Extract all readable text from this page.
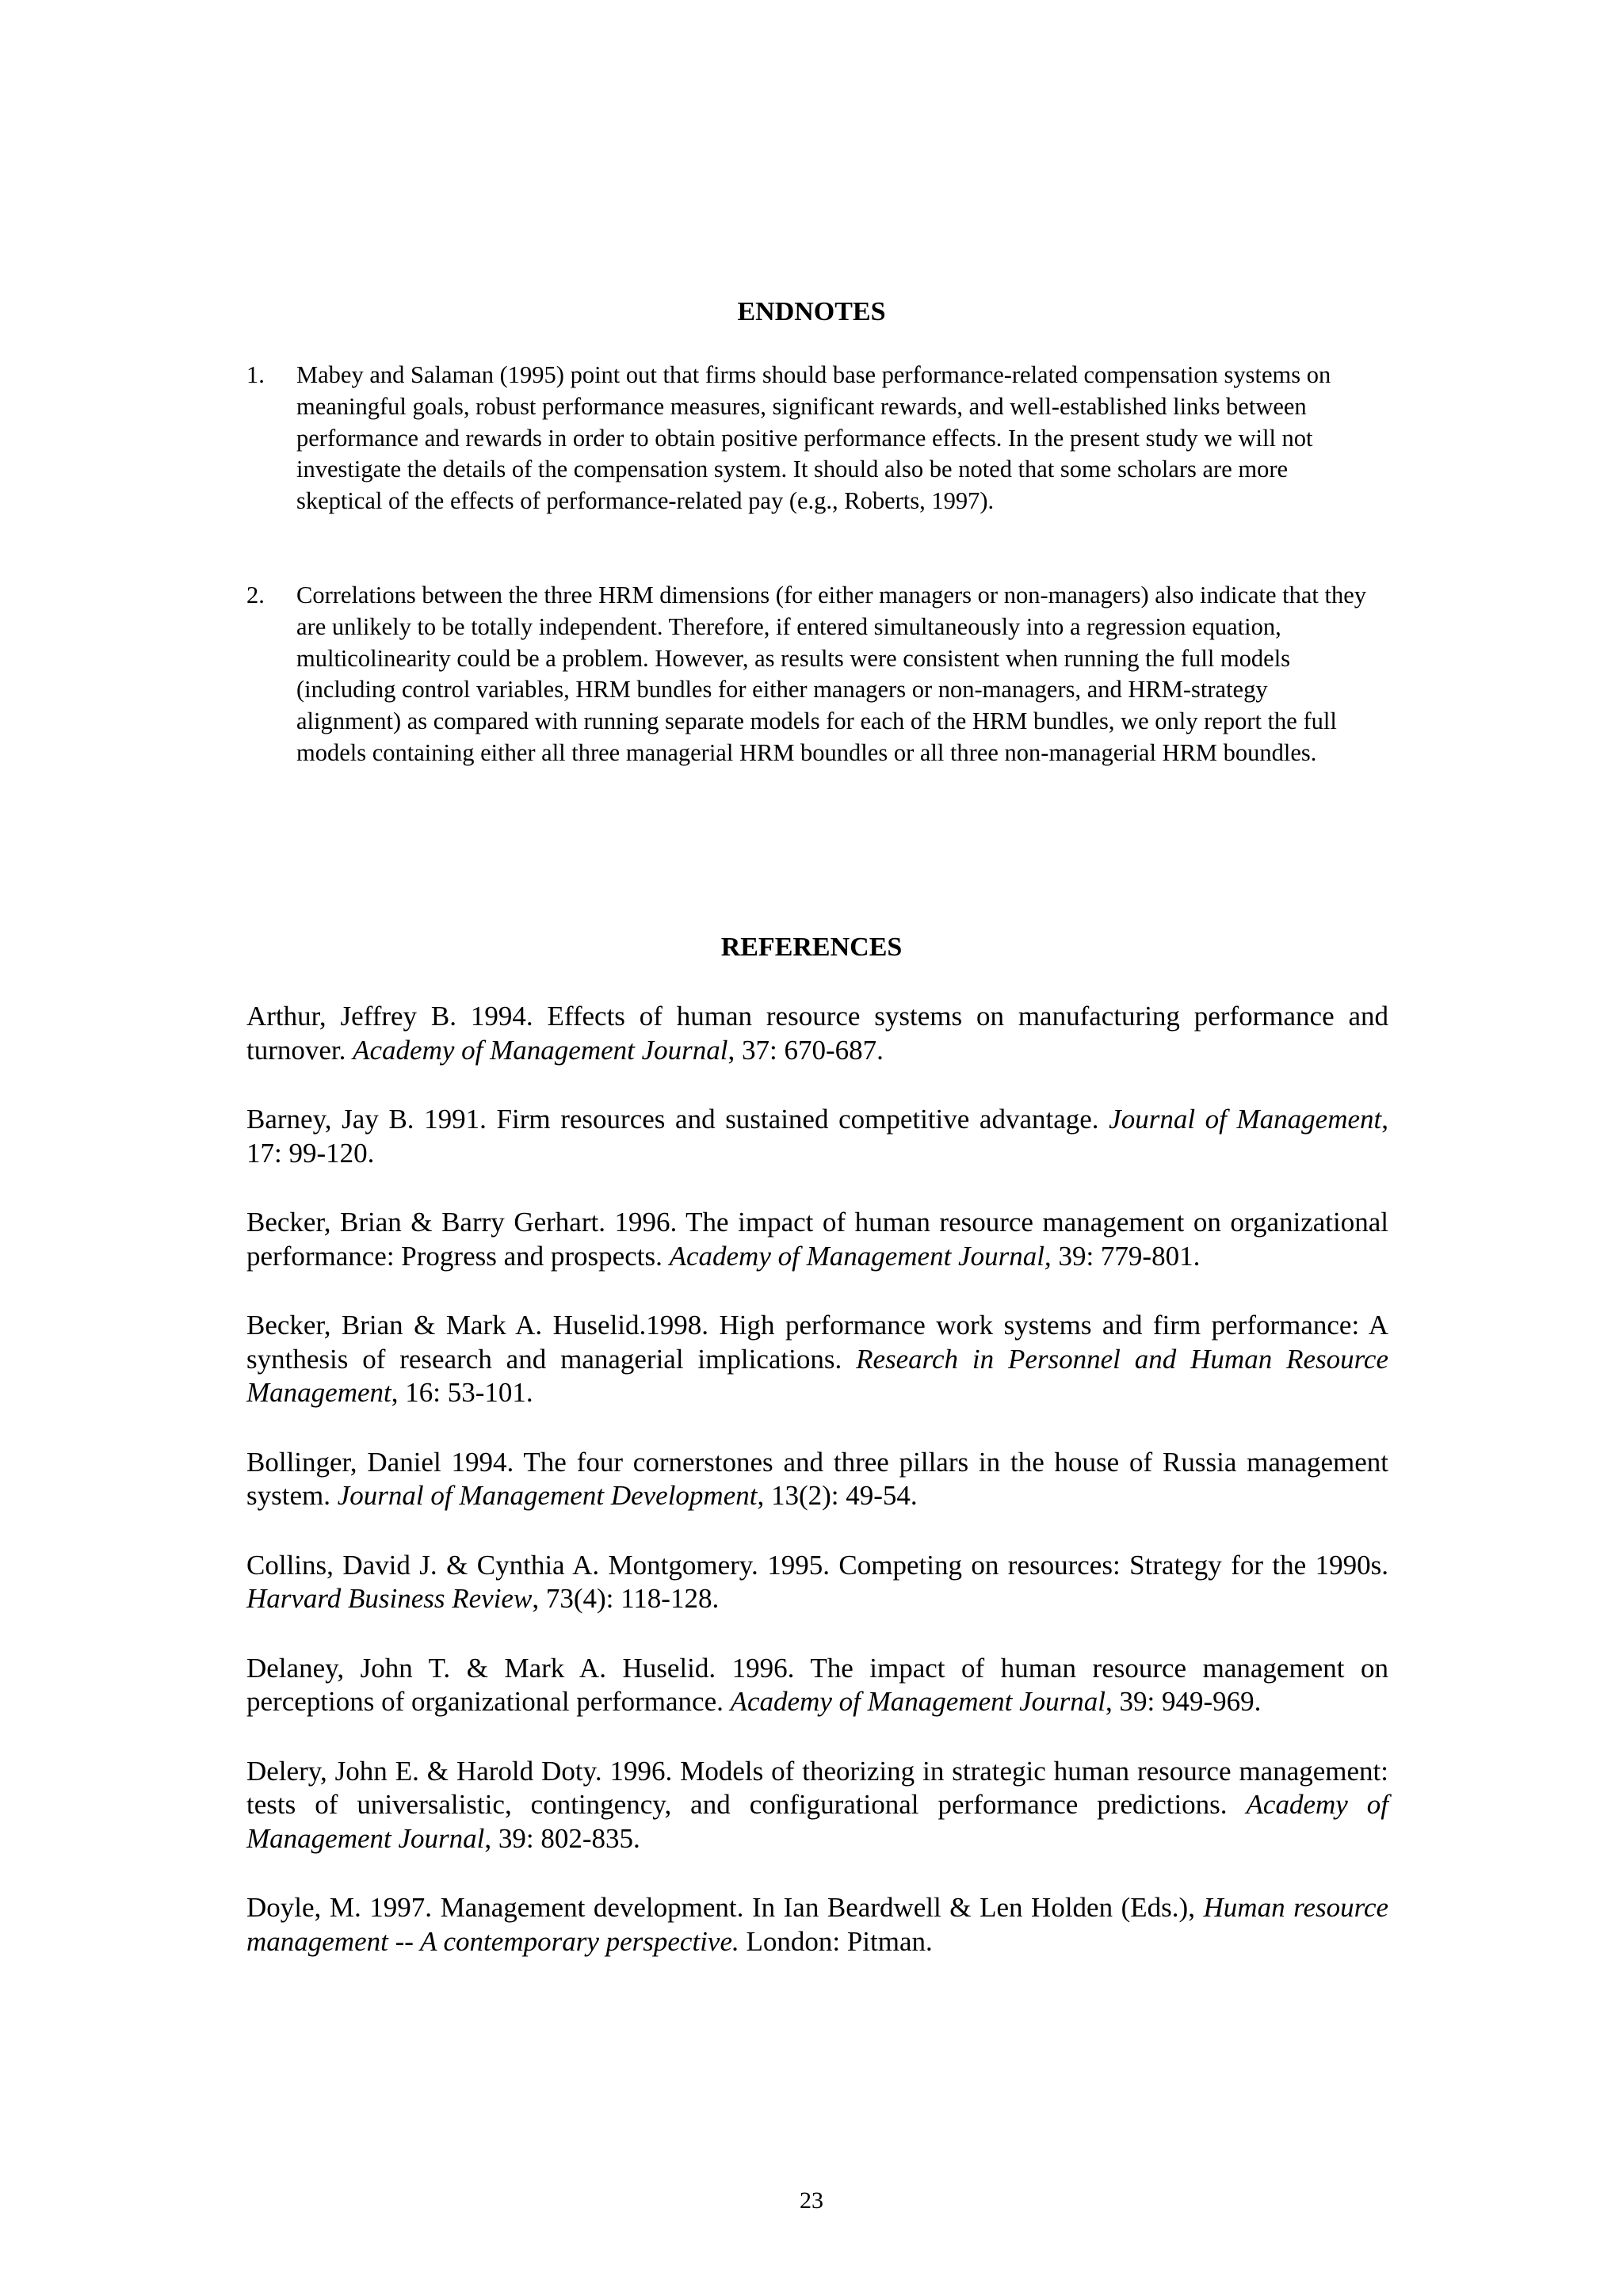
ENDNOTES
1. Mabey and Salaman (1995) point out that firms should base performance-related compensation systems on meaningful goals, robust performance measures, significant rewards, and well-established links between performance and rewards in order to obtain positive performance effects. In the present study we will not investigate the details of the compensation system. It should also be noted that some scholars are more skeptical of the effects of performance-related pay (e.g., Roberts, 1997).
2. Correlations between the three HRM dimensions (for either managers or non-managers) also indicate that they are unlikely to be totally independent. Therefore, if entered simultaneously into a regression equation, multicolinearity could be a problem. However, as results were consistent when running the full models (including control variables, HRM bundles for either managers or non-managers, and HRM-strategy alignment) as compared with running separate models for each of the HRM bundles, we only report the full models containing either all three managerial HRM boundles or all three non-managerial HRM boundles.
REFERENCES

Arthur, Jeffrey B. 1994. Effects of human resource systems on manufacturing performance and turnover. Academy of Management Journal, 37: 670-687.

Barney, Jay B. 1991. Firm resources and sustained competitive advantage. Journal of Management, 17: 99-120.

Becker, Brian & Barry Gerhart. 1996. The impact of human resource management on organizational performance: Progress and prospects. Academy of Management Journal, 39: 779-801.

Becker, Brian & Mark A. Huselid.1998. High performance work systems and firm performance: A synthesis of research and managerial implications. Research in Personnel and Human Resource Management, 16: 53-101.

Bollinger, Daniel 1994. The four cornerstones and three pillars in the house of Russia management system. Journal of Management Development, 13(2): 49-54.

Collins, David J. & Cynthia A. Montgomery. 1995. Competing on resources: Strategy for the 1990s. Harvard Business Review, 73(4): 118-128.

Delaney, John T. & Mark A. Huselid. 1996. The impact of human resource management on perceptions of organizational performance. Academy of Management Journal, 39: 949-969.

Delery, John E. & Harold Doty. 1996. Models of theorizing in strategic human resource management: tests of universalistic, contingency, and configurational performance predictions. Academy of Management Journal, 39: 802-835.

Doyle, M. 1997. Management development. In Ian Beardwell & Len Holden (Eds.), Human resource management -- A contemporary perspective. London: Pitman.

23
